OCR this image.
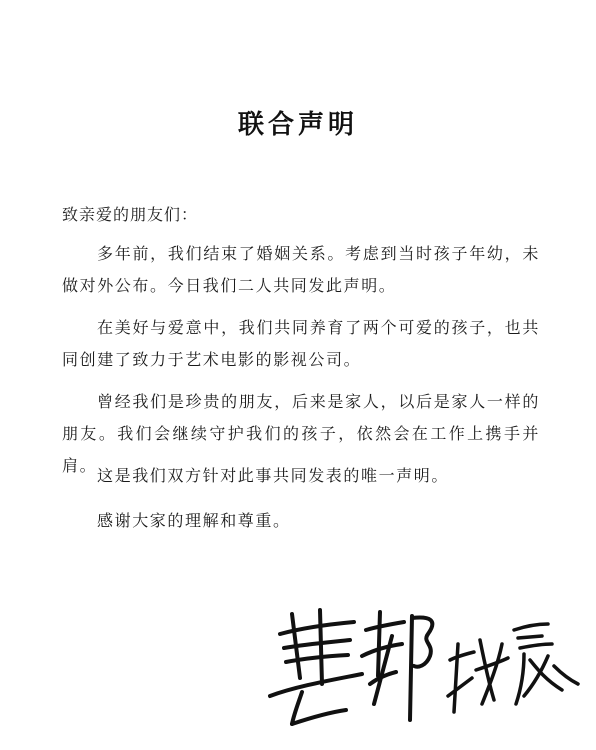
联合声明
致亲爱的朋友们：

多年前，我们结束了婚姻关系。考虑到当时孩子年幼，未做对外公布。今日我们二人共同发此声明。

在美好与爱意中，我们共同养育了两个可爱的孩子，也共同创建了致力于艺术电影的影视公司。

曾经我们是珍贵的朋友，后来是家人，以后是家人一样的朋友。我们会继续守护我们的孩子，依然会在工作上携手并肩。

这是我们双方针对此事共同发表的唯一声明。

感谢大家的理解和尊重。
